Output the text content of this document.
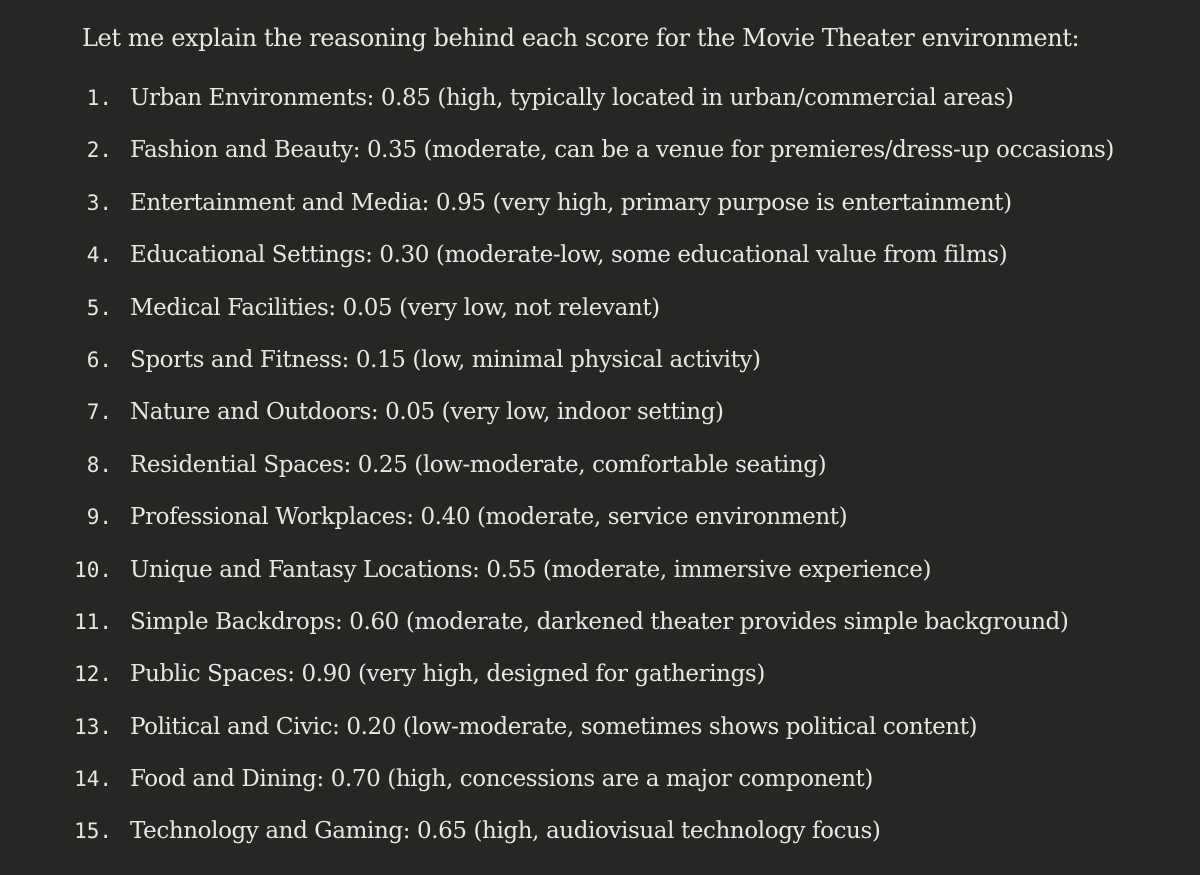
Let me explain the reasoning behind each score for the Movie Theater environment:

1. Urban Environments: 0.85 (high, typically located in urban/commercial areas)
2. Fashion and Beauty: 0.35 (moderate, can be a venue for premieres/dress-up occasions)
3. Entertainment and Media: 0.95 (very high, primary purpose is entertainment)
4. Educational Settings: 0.30 (moderate-low, some educational value from films)
5. Medical Facilities: 0.05 (very low, not relevant)
6. Sports and Fitness: 0.15 (low, minimal physical activity)
7. Nature and Outdoors: 0.05 (very low, indoor setting)
8. Residential Spaces: 0.25 (low-moderate, comfortable seating)
9. Professional Workplaces: 0.40 (moderate, service environment)
10. Unique and Fantasy Locations: 0.55 (moderate, immersive experience)
11. Simple Backdrops: 0.60 (moderate, darkened theater provides simple background)
12. Public Spaces: 0.90 (very high, designed for gatherings)
13. Political and Civic: 0.20 (low-moderate, sometimes shows political content)
14. Food and Dining: 0.70 (high, concessions are a major component)
15. Technology and Gaming: 0.65 (high, audiovisual technology focus)
